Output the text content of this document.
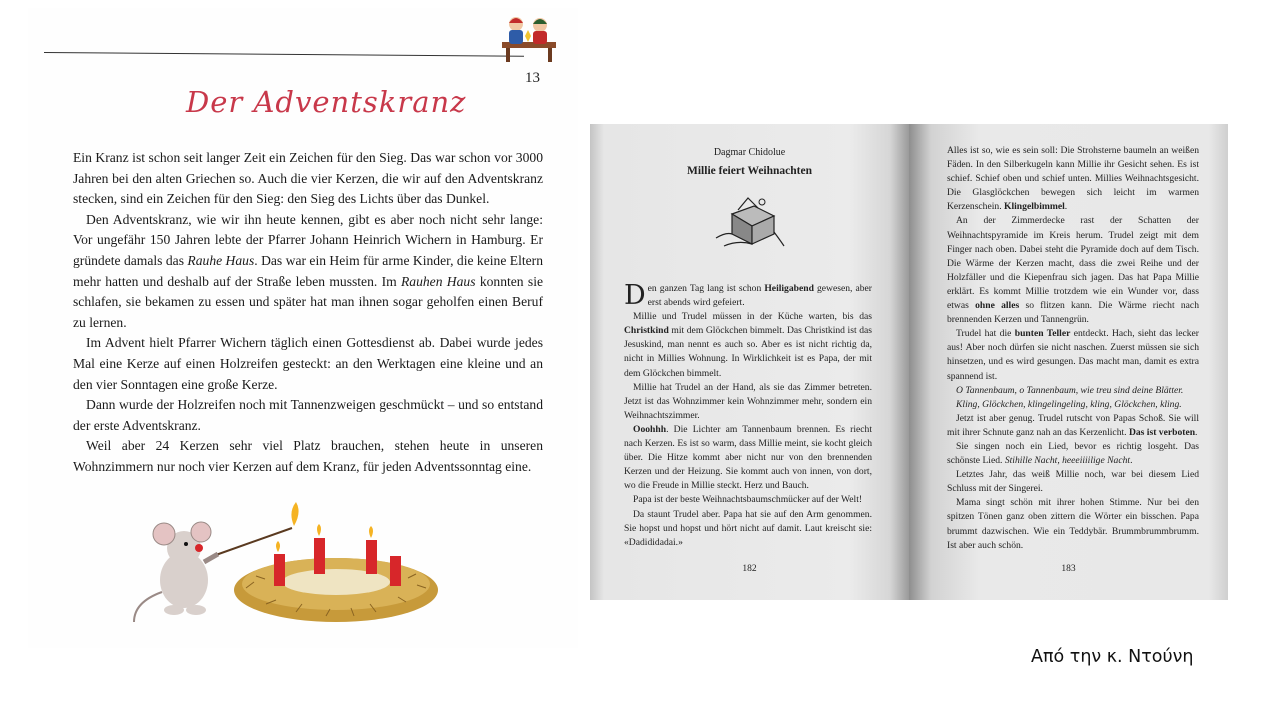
13
Der Adventskranz

Ein Kranz ist schon seit langer Zeit ein Zeichen für den Sieg. Das war schon vor 3000 Jahren bei den alten Griechen so. Auch die vier Kerzen, die wir auf den Adventskranz stecken, sind ein Zeichen für den Sieg: den Sieg des Lichts über das Dunkel.

Den Adventskranz, wie wir ihn heute kennen, gibt es aber noch nicht sehr lange: Vor ungefähr 150 Jahren lebte der Pfarrer Johann Heinrich Wichern in Hamburg. Er gründete damals das Rauhe Haus. Das war ein Heim für arme Kinder, die keine Eltern mehr hatten und deshalb auf der Straße leben mussten. Im Rauhen Haus konnten sie schlafen, sie bekamen zu essen und später hat man ihnen sogar geholfen einen Beruf zu lernen.

Im Advent hielt Pfarrer Wichern täglich einen Gottesdienst ab. Dabei wurde jedes Mal eine Kerze auf einen Holzreifen gesteckt: an den Werktagen eine kleine und an den vier Sonntagen eine große Kerze.

Dann wurde der Holzreifen noch mit Tannenzweigen geschmückt – und so entstand der erste Adventskranz.

Weil aber 24 Kerzen sehr viel Platz brauchen, stehen heute in unseren Wohnzimmern nur noch vier Kerzen auf dem Kranz, für jeden Adventssonntag eine.

Dagmar Chidolue
Millie feiert Weihnachten

Den ganzen Tag lang ist schon Heiligabend gewesen, aber erst abends wird gefeiert.

Millie und Trudel müssen in der Küche warten, bis das Christkind mit dem Glöckchen bimmelt. Das Christkind ist das Jesuskind, man nennt es auch so. Aber es ist nicht richtig da, nicht in Millies Wohnung. In Wirklichkeit ist es Papa, der mit dem Glöckchen bimmelt.

Millie hat Trudel an der Hand, als sie das Zimmer betreten. Jetzt ist das Wohnzimmer kein Wohnzimmer mehr, sondern ein Weihnachtszimmer.

Ooohhh. Die Lichter am Tannenbaum brennen. Es riecht nach Kerzen. Es ist so warm, dass Millie meint, sie kocht gleich über. Die Hitze kommt aber nicht nur von den brennenden Kerzen und der Heizung. Sie kommt auch von innen, von dort, wo die Freude in Millie steckt. Herz und Bauch.

Papa ist der beste Weihnachtsbaumschmücker auf der Welt!

Da staunt Trudel aber. Papa hat sie auf den Arm genommen. Sie hopst und hopst und hört nicht auf damit. Laut kreischt sie: «Dadididadai.»

182

Alles ist so, wie es sein soll: Die Strohsterne baumeln an weißen Fäden. In den Silberkugeln kann Millie ihr Gesicht sehen. Es ist schief. Schief oben und schief unten. Millies Weihnachtsgesicht. Die Glasglöckchen bewegen sich leicht im warmen Kerzenschein. Klingelbimmel.

An der Zimmerdecke rast der Schatten der Weihnachtspyramide im Kreis herum. Trudel zeigt mit dem Finger nach oben. Dabei steht die Pyramide doch auf dem Tisch. Die Wärme der Kerzen macht, dass die zwei Reihe und der Holzfäller und die Kiepenfrau sich jagen. Das hat Papa Millie erklärt. Es kommt Millie trotzdem wie ein Wunder vor, dass etwas ohne alles so flitzen kann. Die Wärme riecht nach brennenden Kerzen und Tannengrün.

Trudel hat die bunten Teller entdeckt. Hach, sieht das lecker aus! Aber noch dürfen sie nicht naschen. Zuerst müssen sie sich hinsetzen, und es wird gesungen. Das macht man, damit es extra spannend ist.

O Tannenbaum, o Tannenbaum, wie treu sind deine Blätter.

Kling, Glöckchen, klingelingeling, kling, Glöckchen, kling.

Jetzt ist aber genug. Trudel rutscht von Papas Schoß. Sie will mit ihrer Schnute ganz nah an das Kerzenlicht. Das ist verboten.

Sie singen noch ein Lied, bevor es richtig losgeht. Das schönste Lied. Stihille Nacht, heeeiiiilige Nacht.

Letztes Jahr, das weiß Millie noch, war bei diesem Lied Schluss mit der Singerei.

Mama singt schön mit ihrer hohen Stimme. Nur bei den spitzen Tönen ganz oben zittern die Wörter ein bisschen. Papa brummt dazwischen. Wie ein Teddybär. Brummbrummbrumm. Ist aber auch schön.

183

Από την κ. Ντούνη
